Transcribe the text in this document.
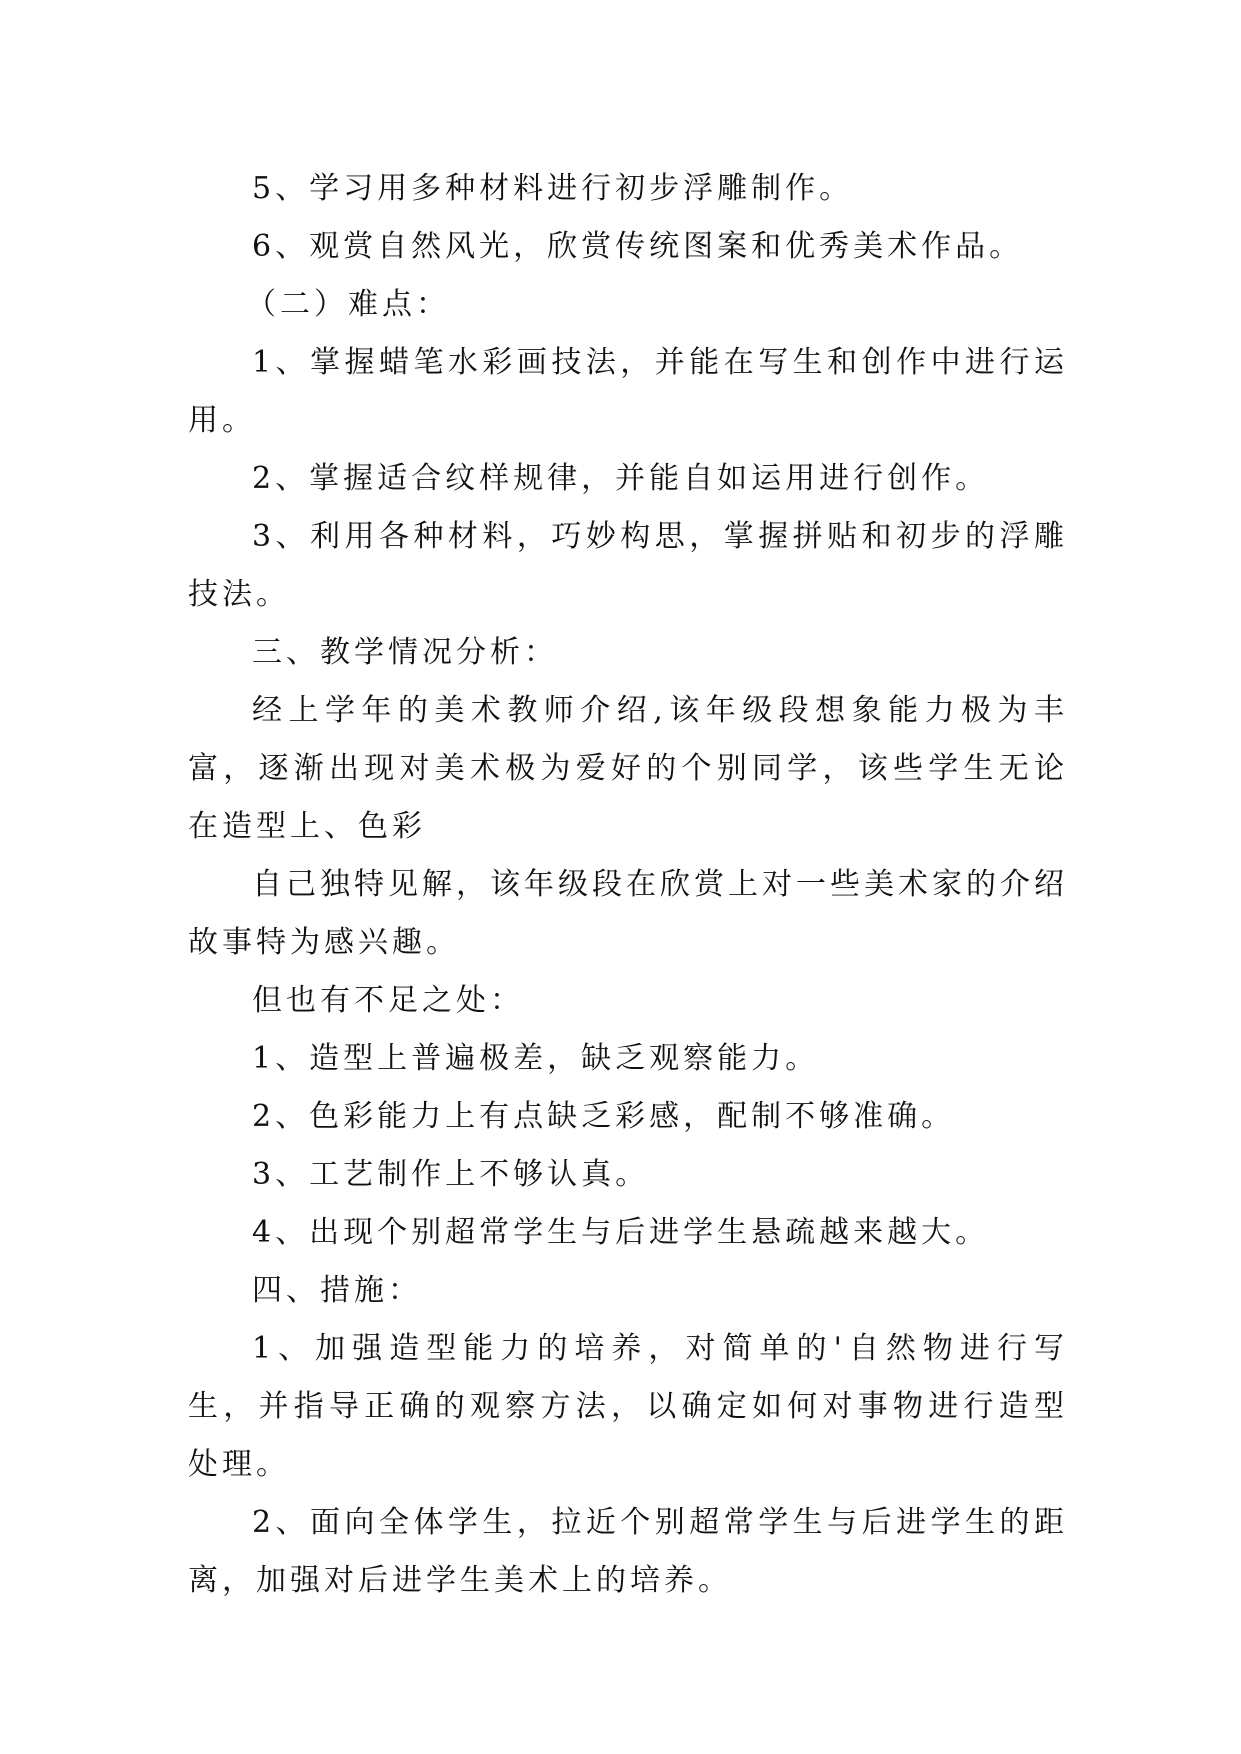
5、学习用多种材料进行初步浮雕制作。

6、观赏自然风光，欣赏传统图案和优秀美术作品。

（二）难点：

1、掌握蜡笔水彩画技法，并能在写生和创作中进行运用。

2、掌握适合纹样规律，并能自如运用进行创作。

3、利用各种材料，巧妙构思，掌握拼贴和初步的浮雕技法。

三、教学情况分析：

经上学年的美术教师介绍,该年级段想象能力极为丰富，逐渐出现对美术极为爱好的个别同学，该些学生无论在造型上、色彩

自己独特见解，该年级段在欣赏上对一些美术家的介绍故事特为感兴趣。

但也有不足之处：

1、造型上普遍极差，缺乏观察能力。

2、色彩能力上有点缺乏彩感，配制不够准确。

3、工艺制作上不够认真。

4、出现个别超常学生与后进学生悬疏越来越大。

四、措施：

1、加强造型能力的培养，对简单的'自然物进行写生，并指导正确的观察方法，以确定如何对事物进行造型处理。

2、面向全体学生，拉近个别超常学生与后进学生的距离，加强对后进学生美术上的培养。
